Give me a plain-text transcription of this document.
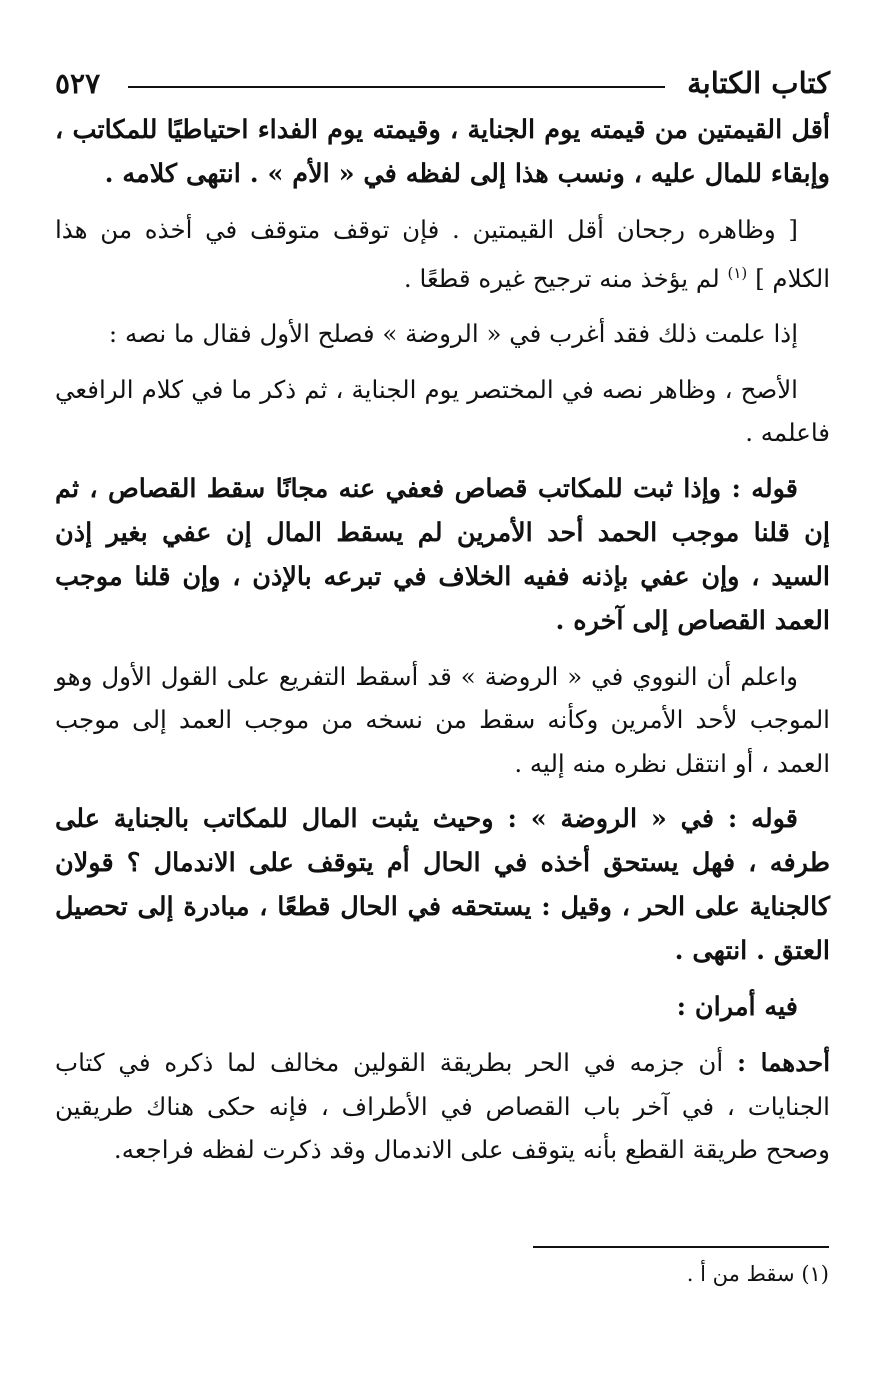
كتاب الكتابة
٥٢٧

أقل القيمتين من قيمته يوم الجناية ، وقيمته يوم الفداء احتياطيًا للمكاتب ، وإبقاء للمال عليه ، ونسب هذا إلى لفظه في « الأم » . انتهى كلامه .

[ وظاهره رجحان أقل القيمتين . فإن توقف متوقف في أخذه من هذا الكلام ] $^{(١)}$ لم يؤخذ منه ترجيح غيره قطعًا .

إذا علمت ذلك فقد أغرب في « الروضة » فصلح الأول فقال ما نصه :

الأصح ، وظاهر نصه في المختصر يوم الجناية ، ثم ذكر ما في كلام الرافعي فاعلمه .

قوله : وإذا ثبت للمكاتب قصاص فعفي عنه مجانًا سقط القصاص ، ثم إن قلنا موجب الحمد أحد الأمرين لم يسقط المال إن عفي بغير إذن السيد ، وإن عفي بإذنه ففيه الخلاف في تبرعه بالإذن ، وإن قلنا موجب العمد القصاص إلى آخره .

واعلم أن النووي في « الروضة » قد أسقط التفريع على القول الأول وهو الموجب لأحد الأمرين وكأنه سقط من نسخه من موجب العمد إلى موجب العمد ، أو انتقل نظره منه إليه .

قوله : في « الروضة » : وحيث يثبت المال للمكاتب بالجناية على طرفه ، فهل يستحق أخذه في الحال أم يتوقف على الاندمال ؟ قولان كالجناية على الحر ، وقيل : يستحقه في الحال قطعًا ، مبادرة إلى تحصيل العتق . انتهى .

فيه أمران :

أحدهما : أن جزمه في الحر بطريقة القولين مخالف لما ذكره في كتاب الجنايات ، في آخر باب القصاص في الأطراف ، فإنه حكى هناك طريقين وصحح طريقة القطع بأنه يتوقف على الاندمال وقد ذكرت لفظه فراجعه.

(١) سقط من أ .
